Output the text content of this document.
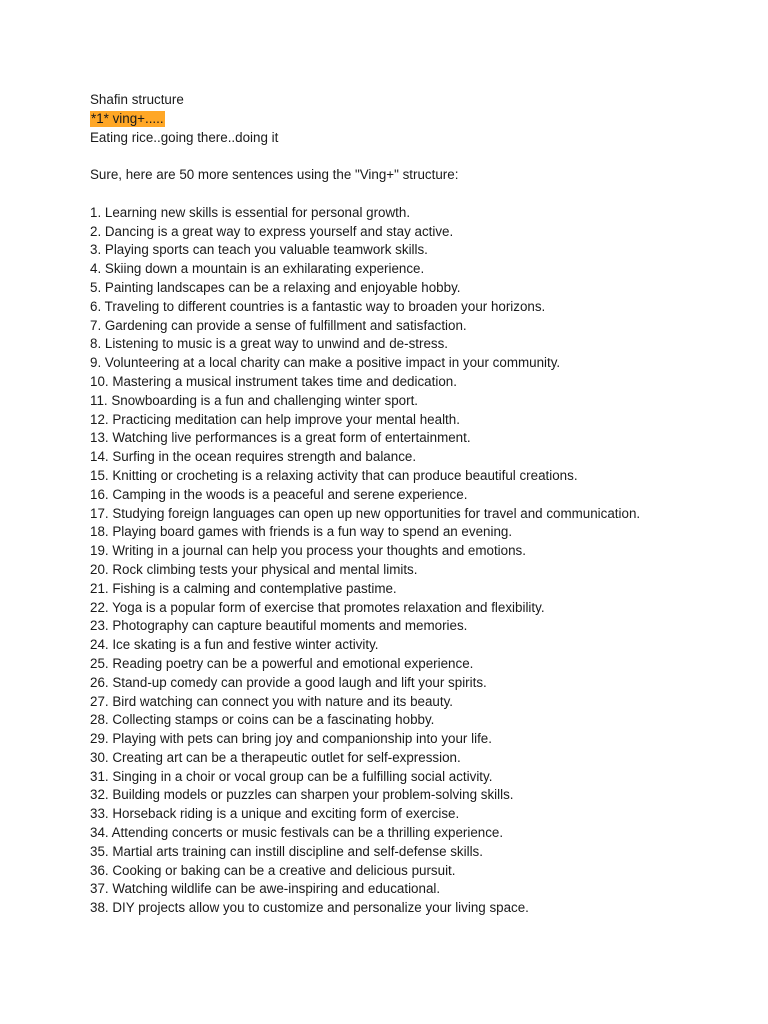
Shafin structure
*1* ving+.....
Eating rice..going there..doing it
Sure, here are 50 more sentences using the "Ving+" structure:
1. Learning new skills is essential for personal growth.
2. Dancing is a great way to express yourself and stay active.
3. Playing sports can teach you valuable teamwork skills.
4. Skiing down a mountain is an exhilarating experience.
5. Painting landscapes can be a relaxing and enjoyable hobby.
6. Traveling to different countries is a fantastic way to broaden your horizons.
7. Gardening can provide a sense of fulfillment and satisfaction.
8. Listening to music is a great way to unwind and de-stress.
9. Volunteering at a local charity can make a positive impact in your community.
10. Mastering a musical instrument takes time and dedication.
11. Snowboarding is a fun and challenging winter sport.
12. Practicing meditation can help improve your mental health.
13. Watching live performances is a great form of entertainment.
14. Surfing in the ocean requires strength and balance.
15. Knitting or crocheting is a relaxing activity that can produce beautiful creations.
16. Camping in the woods is a peaceful and serene experience.
17. Studying foreign languages can open up new opportunities for travel and communication.
18. Playing board games with friends is a fun way to spend an evening.
19. Writing in a journal can help you process your thoughts and emotions.
20. Rock climbing tests your physical and mental limits.
21. Fishing is a calming and contemplative pastime.
22. Yoga is a popular form of exercise that promotes relaxation and flexibility.
23. Photography can capture beautiful moments and memories.
24. Ice skating is a fun and festive winter activity.
25. Reading poetry can be a powerful and emotional experience.
26. Stand-up comedy can provide a good laugh and lift your spirits.
27. Bird watching can connect you with nature and its beauty.
28. Collecting stamps or coins can be a fascinating hobby.
29. Playing with pets can bring joy and companionship into your life.
30. Creating art can be a therapeutic outlet for self-expression.
31. Singing in a choir or vocal group can be a fulfilling social activity.
32. Building models or puzzles can sharpen your problem-solving skills.
33. Horseback riding is a unique and exciting form of exercise.
34. Attending concerts or music festivals can be a thrilling experience.
35. Martial arts training can instill discipline and self-defense skills.
36. Cooking or baking can be a creative and delicious pursuit.
37. Watching wildlife can be awe-inspiring and educational.
38. DIY projects allow you to customize and personalize your living space.
